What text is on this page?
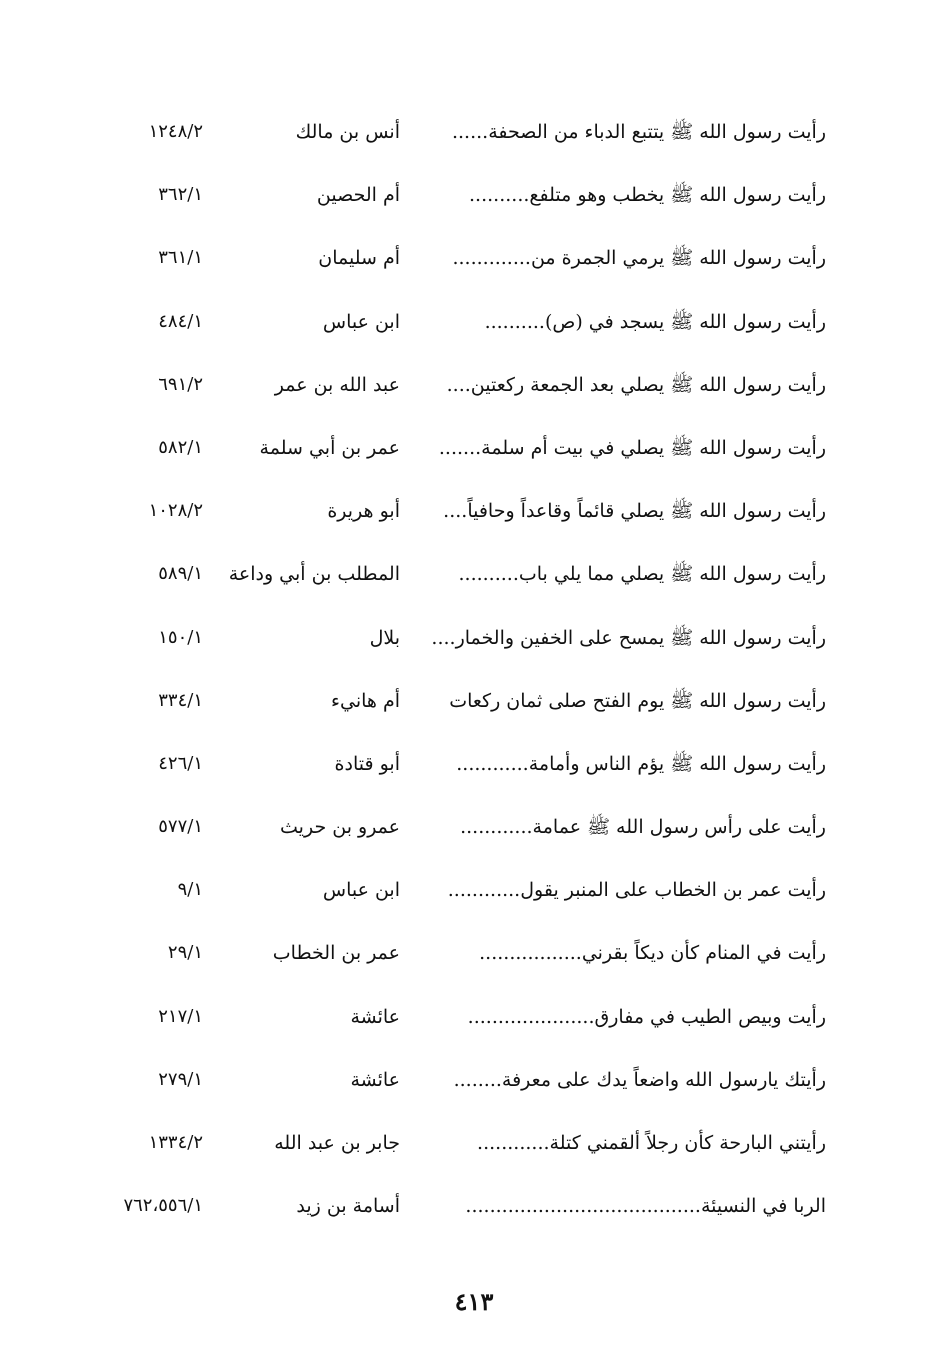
رأيت رسول الله ﷺ يتتبع الدباء من الصحفة......
أنس بن مالك
١٢٤٨/٢
رأيت رسول الله ﷺ يخطب وهو متلفع..........
أم الحصين
٣٦٢/١
رأيت رسول الله ﷺ يرمي الجمرة من.............
أم سليمان
٣٦١/١
رأيت رسول الله ﷺ يسجد في (ص)..........
ابن عباس
٤٨٤/١
رأيت رسول الله ﷺ يصلي بعد الجمعة ركعتين....
عبد الله بن عمر
٦٩١/٢
رأيت رسول الله ﷺ يصلي في بيت أم سلمة.......
عمر بن أبي سلمة
٥٨٢/١
رأيت رسول الله ﷺ يصلي قائماً وقاعداً وحافياً....
أبو هريرة
١٠٢٨/٢
رأيت رسول الله ﷺ يصلي مما يلي باب..........
المطلب بن أبي وداعة
٥٨٩/١
رأيت رسول الله ﷺ يمسح على الخفين والخمار....
بلال
١٥٠/١
رأيت رسول الله ﷺ يوم الفتح صلى ثمان ركعات
أم هانيء
٣٣٤/١
رأيت رسول الله ﷺ يؤم الناس وأمامة............
أبو قتادة
٤٢٦/١
رأيت على رأس رسول الله ﷺ عمامة............
عمرو بن حريث
٥٧٧/١
رأيت عمر بن الخطاب على المنبر يقول............
ابن عباس
٩/١
رأيت في المنام كأن ديكاً بقرني.................
عمر بن الخطاب
٢٩/١
رأيت وبيص الطيب في مفارق.....................
عائشة
٢١٧/١
رأيتك يارسول الله واضعاً يدك على معرفة........
عائشة
٢٧٩/١
رأيتني البارحة كأن رجلاً ألقمني كتلة............
جابر بن عبد الله
١٣٣٤/٢
الربا في النسيئة.......................................
أسامة بن زيد
٧٦٢،٥٥٦/١
٤١٣
